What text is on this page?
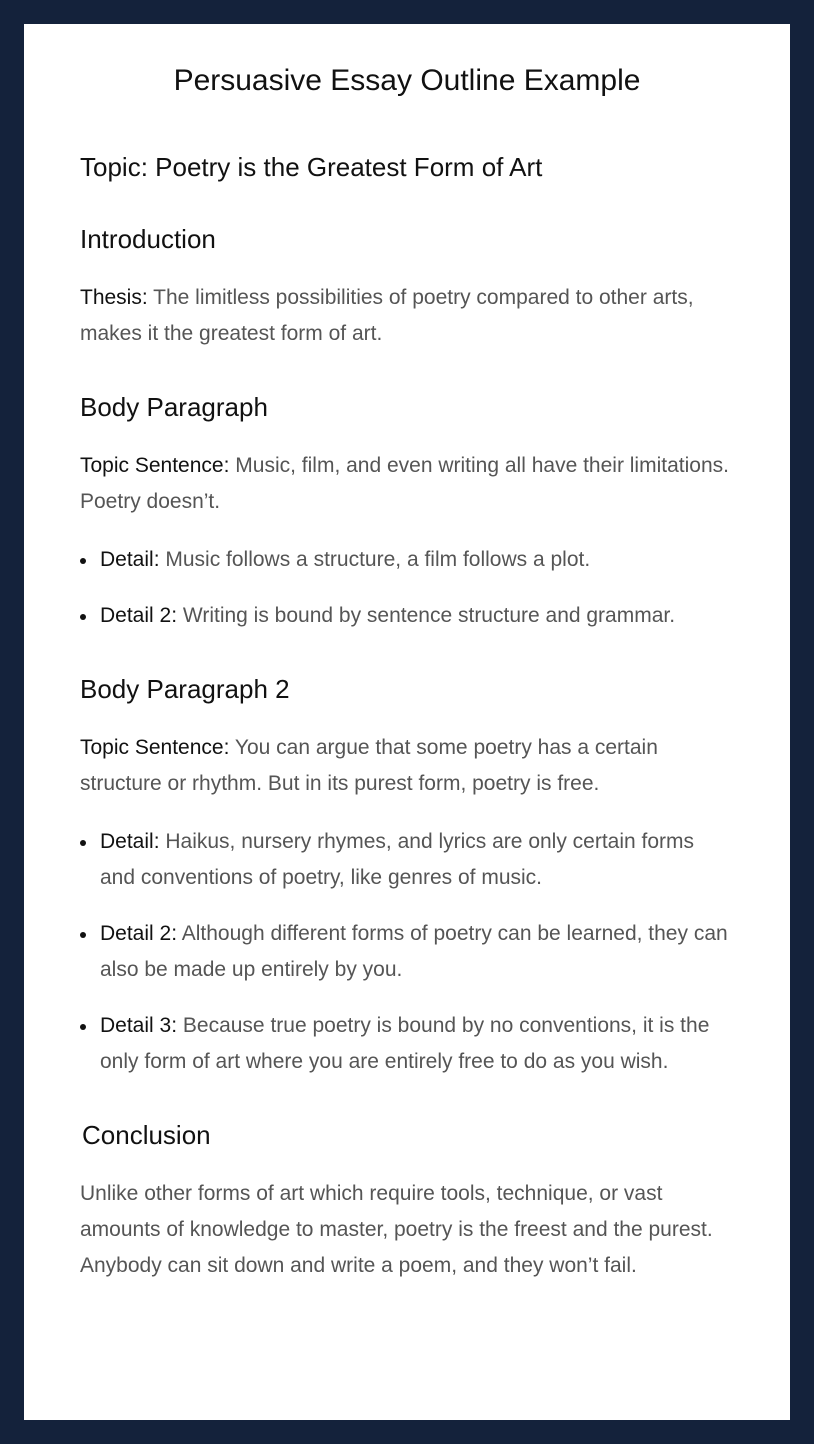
Persuasive Essay Outline Example
Topic: Poetry is the Greatest Form of Art
Introduction

Thesis: The limitless possibilities of poetry compared to other arts, makes it the greatest form of art.

Body Paragraph

Topic Sentence: Music, film, and even writing all have their limitations. Poetry doesn’t.

Detail: Music follows a structure, a film follows a plot.
Detail 2: Writing is bound by sentence structure and grammar.
Body Paragraph 2

Topic Sentence: You can argue that some poetry has a certain structure or rhythm. But in its purest form, poetry is free.

Detail: Haikus, nursery rhymes, and lyrics are only certain forms and conventions of poetry, like genres of music.
Detail 2: Although different forms of poetry can be learned, they can also be made up entirely by you.
Detail 3: Because true poetry is bound by no conventions, it is the only form of art where you are entirely free to do as you wish.
Conclusion

Unlike other forms of art which require tools, technique, or vast amounts of knowledge to master, poetry is the freest and the purest. Anybody can sit down and write a poem, and they won’t fail.
